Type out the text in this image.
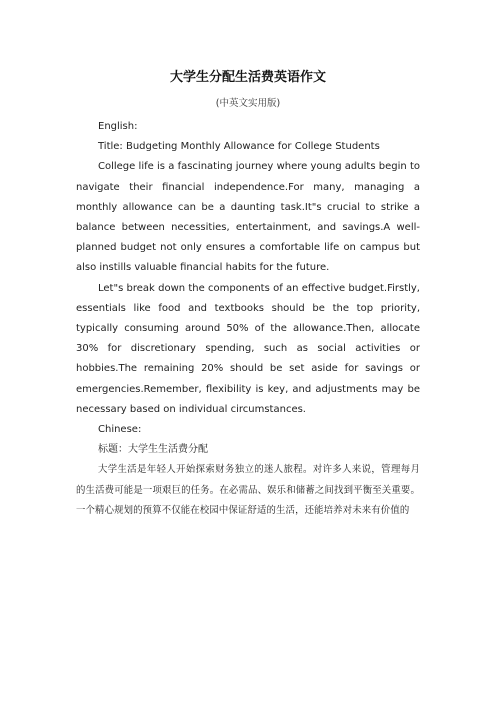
大学生分配生活费英语作文
(中英文实用版)

English:

Title: Budgeting Monthly Allowance for College Students

College life is a fascinating journey where young adults begin to navigate their financial independence.For many, managing a monthly allowance can be a daunting task.It"s crucial to strike a balance between necessities, entertainment, and savings.A well-planned budget not only ensures a comfortable life on campus but also instills valuable financial habits for the future.

Let"s break down the components of an effective budget.Firstly, essentials like food and textbooks should be the top priority, typically consuming around 50% of the allowance.Then, allocate 30% for discretionary spending, such as social activities or hobbies.The remaining 20% should be set aside for savings or emergencies.Remember, flexibility is key, and adjustments may be necessary based on individual circumstances.

Chinese:

标题：大学生生活费分配

大学生活是年轻人开始探索财务独立的迷人旅程。对许多人来说，管理每月的生活费可能是一项艰巨的任务。在必需品、娱乐和储蓄之间找到平衡至关重要。一个精心规划的预算不仅能在校园中保证舒适的生活，还能培养对未来有价值的
